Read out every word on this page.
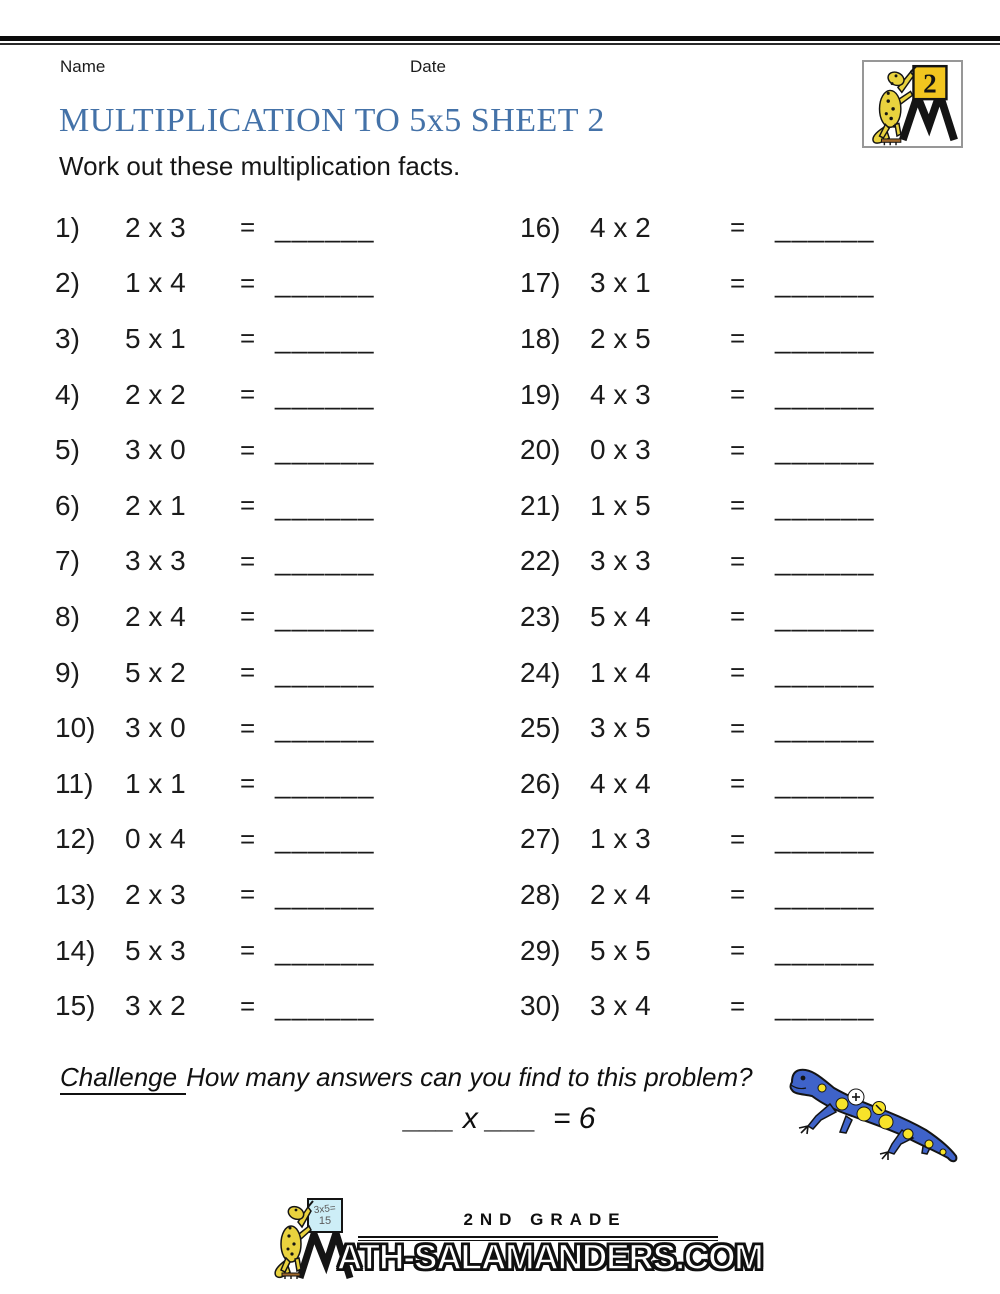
Name	Date
2
MULTIPLICATION TO 5x5 SHEET 2
Work out these multiplication facts.
1)	2 x 3	= ______
2)	1 x 4	= ______
3)	5 x 1	= ______
4)	2 x 2	= ______
5)	3 x 0	= ______
6)	2 x 1	= ______
7)	3 x 3	= ______
8)	2 x 4	= ______
9)	5 x 2	= ______
10)	3 x 0	= ______
11)	1 x 1	= ______
12)	0 x 4	= ______
13)	2 x 3	= ______
14)	5 x 3	= ______
15)	3 x 2	= ______
16)	4 x 2	=	______
17)	3 x 1	=	______
18)	2 x 5	=	______
19)	4 x 3	=	______
20)	0 x 3	=	______
21)	1 x 5	=	______
22)	3 x 3	=	______
23)	5 x 4	=	______
24)	1 x 4	=	______
25)	3 x 5	=	______
26)	4 x 4	=	______
27)	1 x 3	=	______
28)	2 x 4	=	______
29)	5 x 5	=	______
30)	3 x 4	=	______
Challenge How many answers can you find to this problem?
___ x ___  = 6
3x5=
15	2ND GRADE
ATH-SALAMANDERS.COM
